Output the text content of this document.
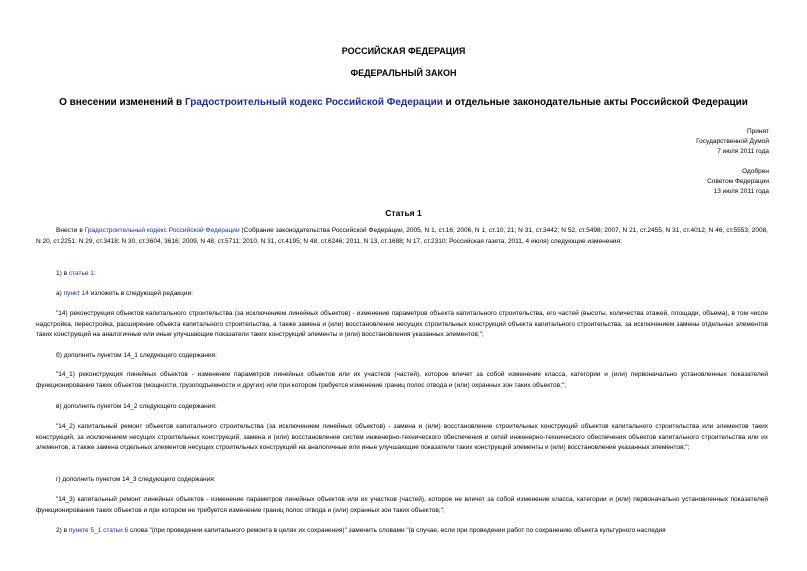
РОССИЙСКАЯ ФЕДЕРАЦИЯ
ФЕДЕРАЛЬНЫЙ ЗАКОН
О внесении изменений в Градостроительный кодекс Российской Федерации и отдельные законодательные акты Российской Федерации
Принят
Государственной Думой
7 июля 2011 года
Одобрен
Советом Федерации
13 июля 2011 года
Статья 1
Внести в Градостроительный кодекс Российской Федерации (Собрание законодательства Российской Федерации, 2005, N 1, ст.16; 2006, N 1, ст.10, 21; N 31, ст.3442; N 52, ст.5498; 2007, N 21, ст.2455; N 31, ст.4012; N 46, ст.5553; 2008, N 20, ст.2251; N 29, ст.3418; N 30, ст.3604, 3616; 2009, N 48, ст.5711; 2010, N 31, ст.4195; N 48, ст.6246; 2011, N 13, ст.1688; N 17, ст.2310; Российская газета, 2011, 4 июля) следующие изменения:
1) в статье 1:
а) пункт 14 изложить в следующей редакции:
"14) реконструкция объектов капитального строительства (за исключением линейных объектов) - изменение параметров объекта капитального строительства, его частей (высоты, количества этажей, площади, объема), в том числе надстройка, перестройка, расширение объекта капитального строительства, а также замена и (или) восстановление несущих строительных конструкций объекта капитального строительства, за исключением замены отдельных элементов таких конструкций на аналогичные или иные улучшающие показатели таких конструкций элементы и (или) восстановления указанных элементов;";
б) дополнить пунктом 14_1 следующего содержания:
"14_1) реконструкция линейных объектов - изменение параметров линейных объектов или их участков (частей), которое влечет за собой изменение класса, категории и (или) первоначально установленных показателей функционирования таких объектов (мощности, грузоподъемности и других) или при котором требуется изменение границ полос отвода и (или) охранных зон таких объектов;";
в) дополнить пунктом 14_2 следующего содержания:
"14_2) капитальный ремонт объектов капитального строительства (за исключением линейных объектов) - замена и (или) восстановление строительных конструкций объектов капитального строительства или элементов таких конструкций, за исключением несущих строительных конструкций, замена и (или) восстановление систем инженерно-технического обеспечения и сетей инженерно-технического обеспечения объектов капитального строительства или их элементов, а также замена отдельных элементов несущих строительных конструкций на аналогичные или иные улучшающие показатели таких конструкций элементы и (или) восстановление указанных элементов;";
г) дополнить пунктом 14_3 следующего содержания:
"14_3) капитальный ремонт линейных объектов - изменение параметров линейных объектов или их участков (частей), которое не влечет за собой изменение класса, категории и (или) первоначально установленных показателей функционирования таких объектов и при котором не требуется изменение границ полос отвода и (или) охранных зон таких объектов;";
2) в пункте 5_1 статьи 6 слова "(при проведении капитального ремонта в целях их сохранения)" заменить словами "(в случае, если при проведении работ по сохранению объекта культурного наследия
